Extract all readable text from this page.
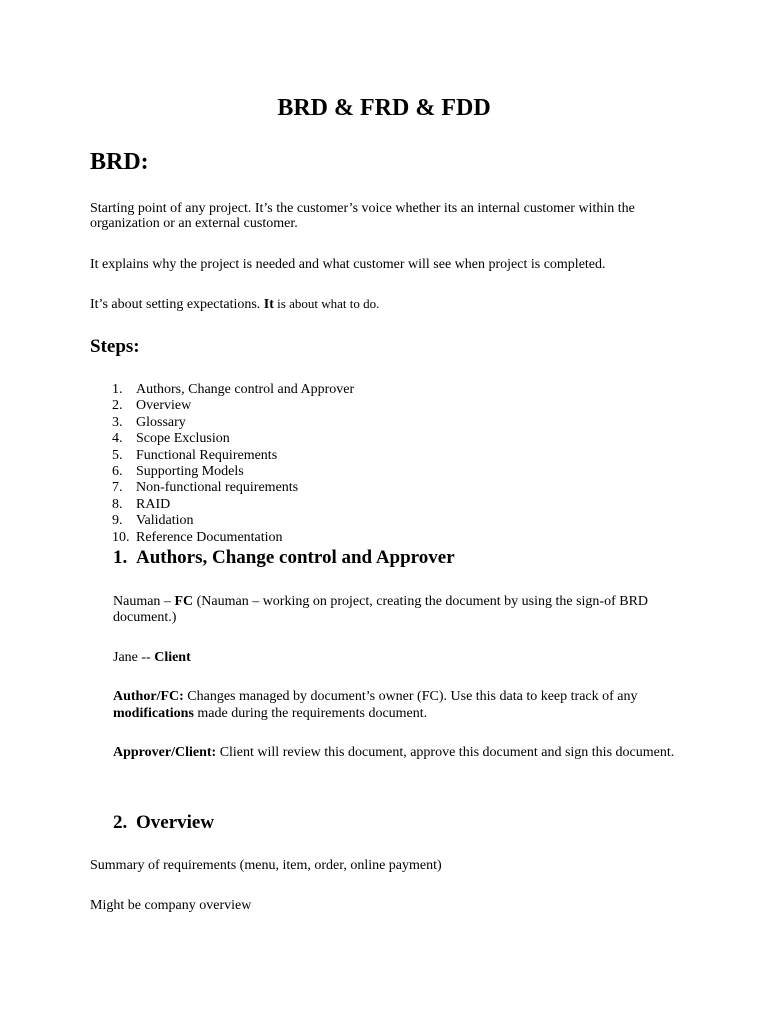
BRD & FRD & FDD
BRD:

Starting point of any project. It’s the customer’s voice whether its an internal customer within the

organization or an external customer.

It explains why the project is needed and what customer will see when project is completed.

It’s about setting expectations. It is about what to do.

Steps:
1. Authors, Change control and Approver
2. Overview
3. Glossary
4. Scope Exclusion
5. Functional Requirements
6. Supporting Models
7. Non-functional requirements
8. RAID
9. Validation
10. Reference Documentation
1. Authors, Change control and Approver

Nauman – FC (Nauman – working on project, creating the document by using the sign-of BRD

document.)

Jane -- Client

Author/FC: Changes managed by document’s owner (FC). Use this data to keep track of any

modifications made during the requirements document.

Approver/Client: Client will review this document, approve this document and sign this document.

2. Overview

Summary of requirements (menu, item, order, online payment)

Might be company overview
